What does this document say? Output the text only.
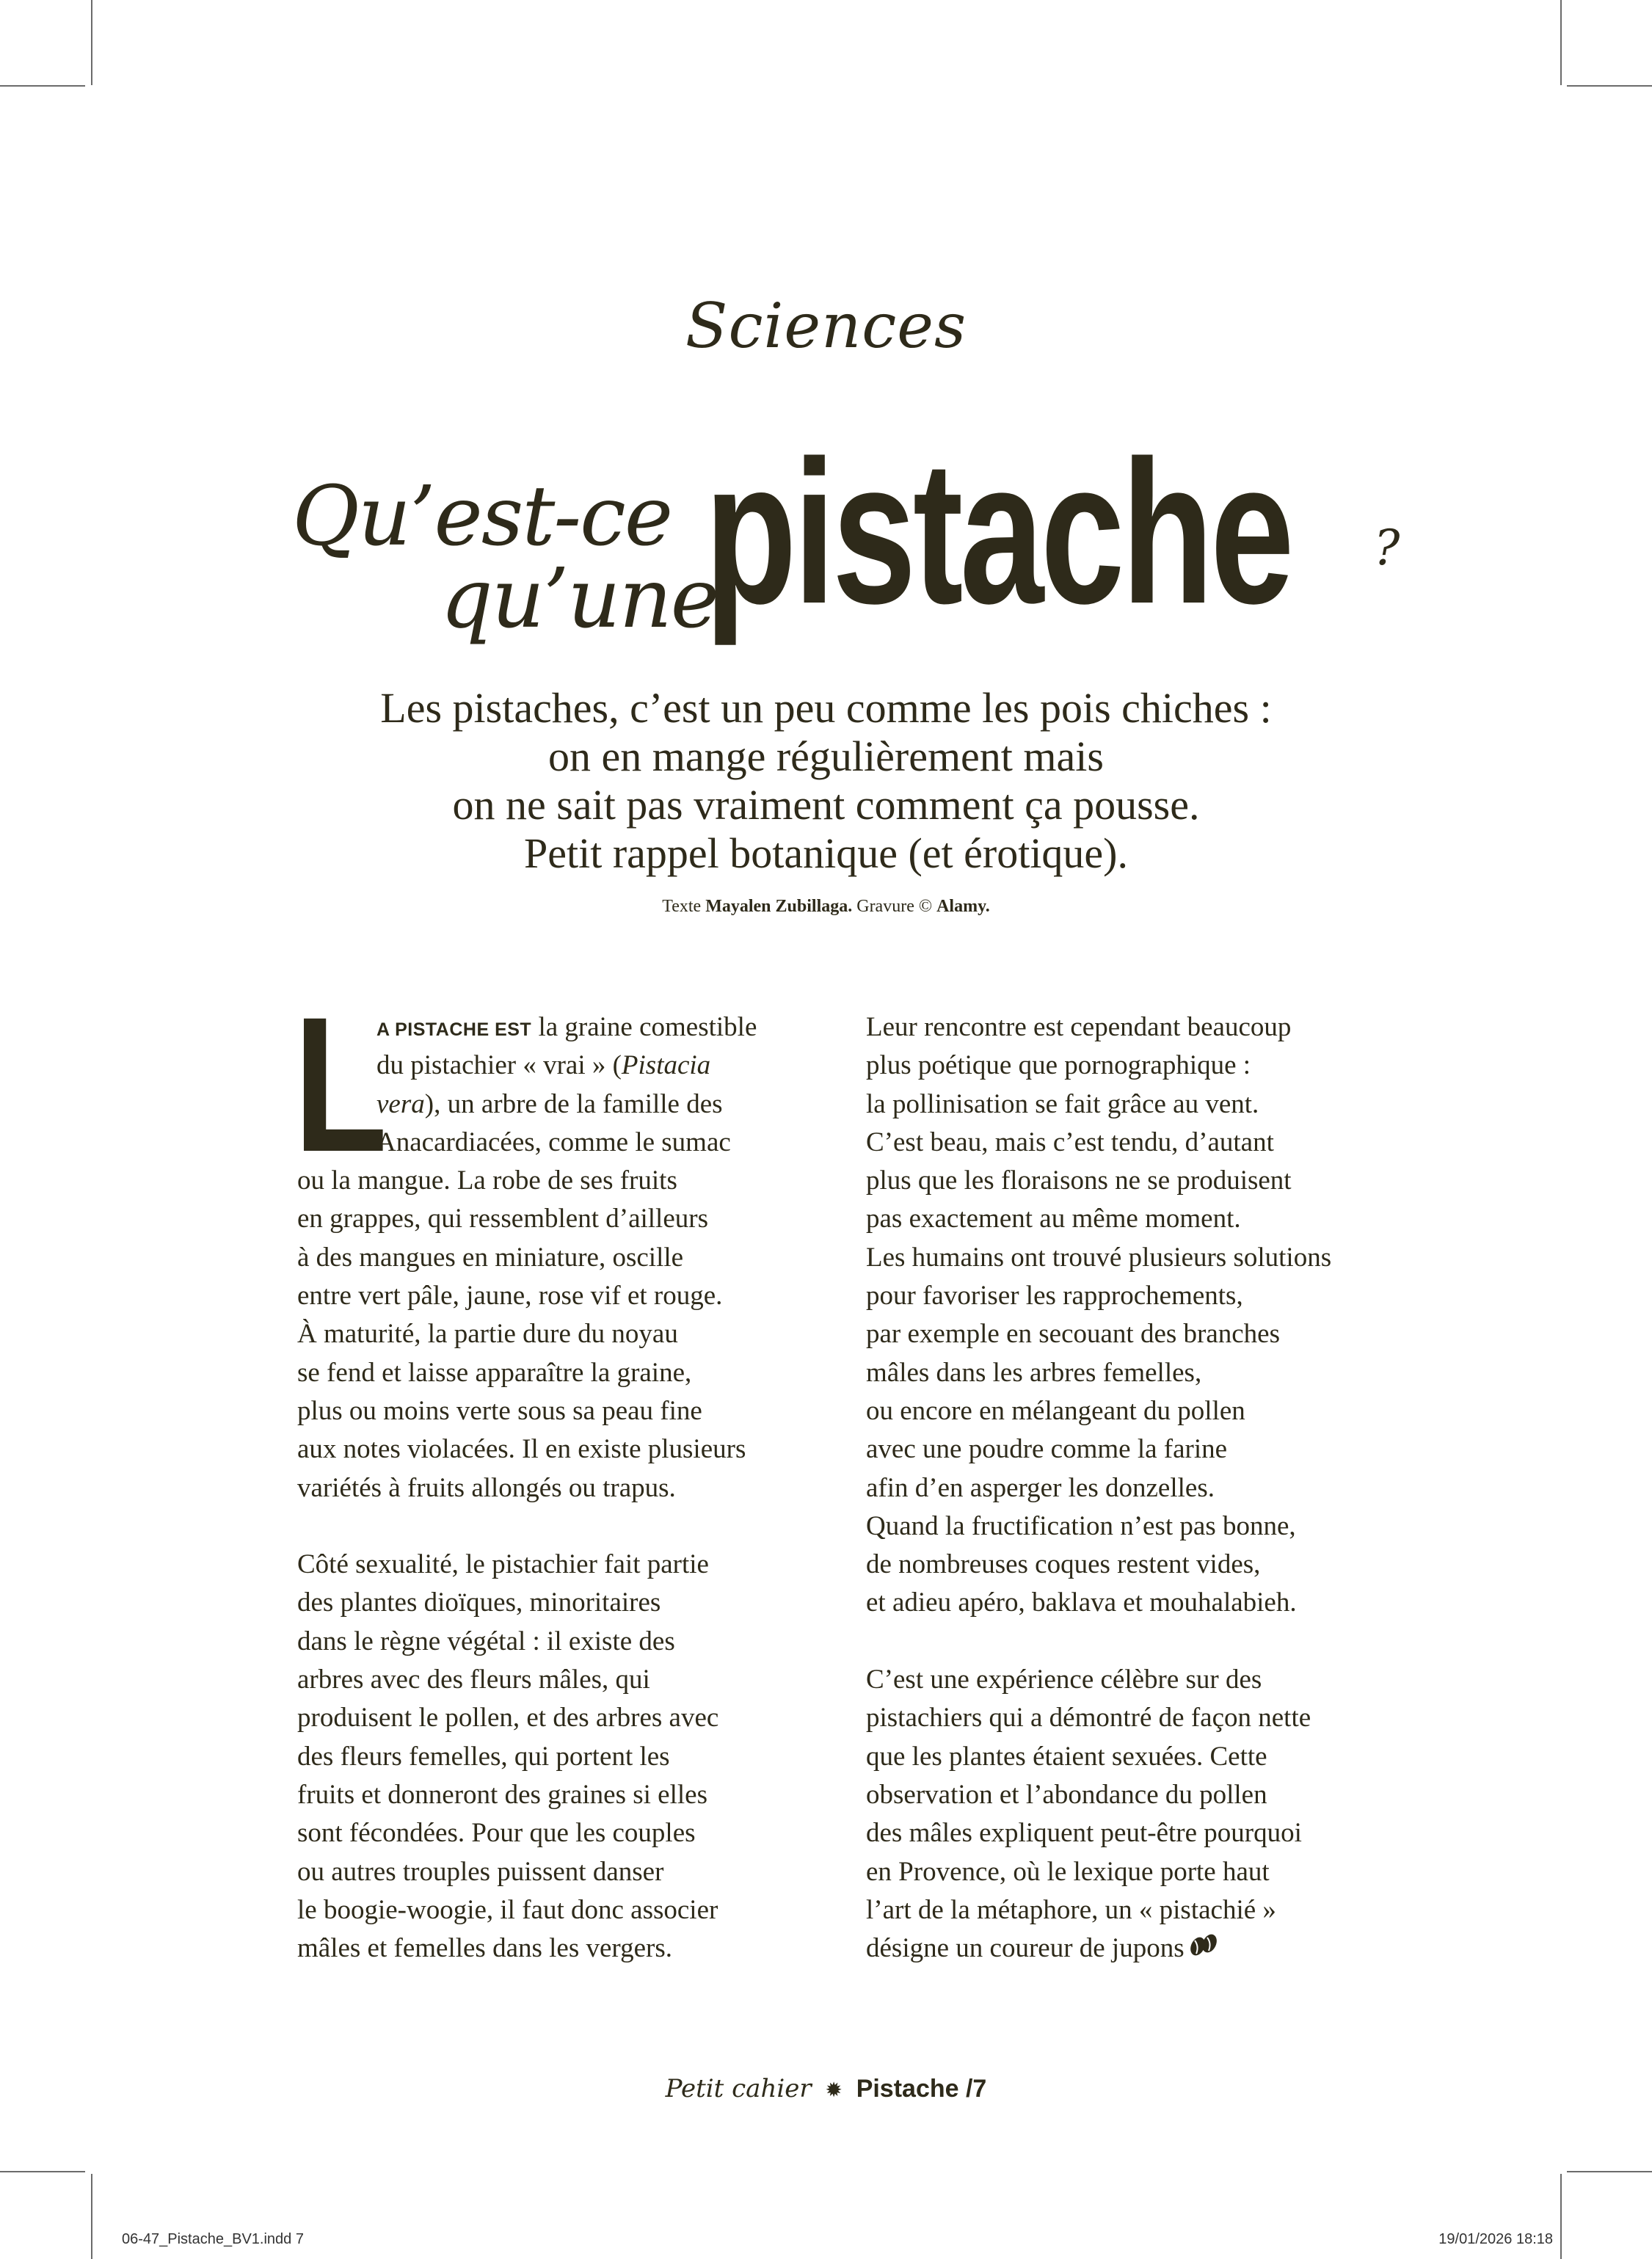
Sciences
Qu’est-ce
qu’une
pistache ?
Les pistaches, c’est un peu comme les pois chiches :
on en mange régulièrement mais
on ne sait pas vraiment comment ça pousse.
Petit rappel botanique (et érotique).
Texte Mayalen Zubillaga. Gravure © Alamy.
L
A PISTACHE EST la graine comestible
du pistachier « vrai » (Pistacia
vera), un arbre de la famille des
Anacardiacées, comme le sumac
ou la mangue. La robe de ses fruits
en grappes, qui ressemblent d’ailleurs
à des mangues en miniature, oscille
entre vert pâle, jaune, rose vif et rouge.
À maturité, la partie dure du noyau
se fend et laisse apparaître la graine,
plus ou moins verte sous sa peau fine
aux notes violacées. Il en existe plusieurs
variétés à fruits allongés ou trapus.
Côté sexualité, le pistachier fait partie
des plantes dioïques, minoritaires
dans le règne végétal : il existe des
arbres avec des fleurs mâles, qui
produisent le pollen, et des arbres avec
des fleurs femelles, qui portent les
fruits et donneront des graines si elles
sont fécondées. Pour que les couples
ou autres trouples puissent danser
le boogie-woogie, il faut donc associer
mâles et femelles dans les vergers.
Leur rencontre est cependant beaucoup
plus poétique que pornographique :
la pollinisation se fait grâce au vent.
C’est beau, mais c’est tendu, d’autant
plus que les floraisons ne se produisent
pas exactement au même moment.
Les humains ont trouvé plusieurs solutions
pour favoriser les rapprochements,
par exemple en secouant des branches
mâles dans les arbres femelles,
ou encore en mélangeant du pollen
avec une poudre comme la farine
afin d’en asperger les donzelles.
Quand la fructification n’est pas bonne,
de nombreuses coques restent vides,
et adieu apéro, baklava et mouhalabieh.
C’est une expérience célèbre sur des
pistachiers qui a démontré de façon nette
que les plantes étaient sexuées. Cette
observation et l’abondance du pollen
des mâles expliquent peut-être pourquoi
en Provence, où le lexique porte haut
l’art de la métaphore, un « pistachié »
désigne un coureur de jupons
Petit cahier ✹ Pistache /7
06-47_Pistache_BV1.indd 7	19/01/2026 18:18
